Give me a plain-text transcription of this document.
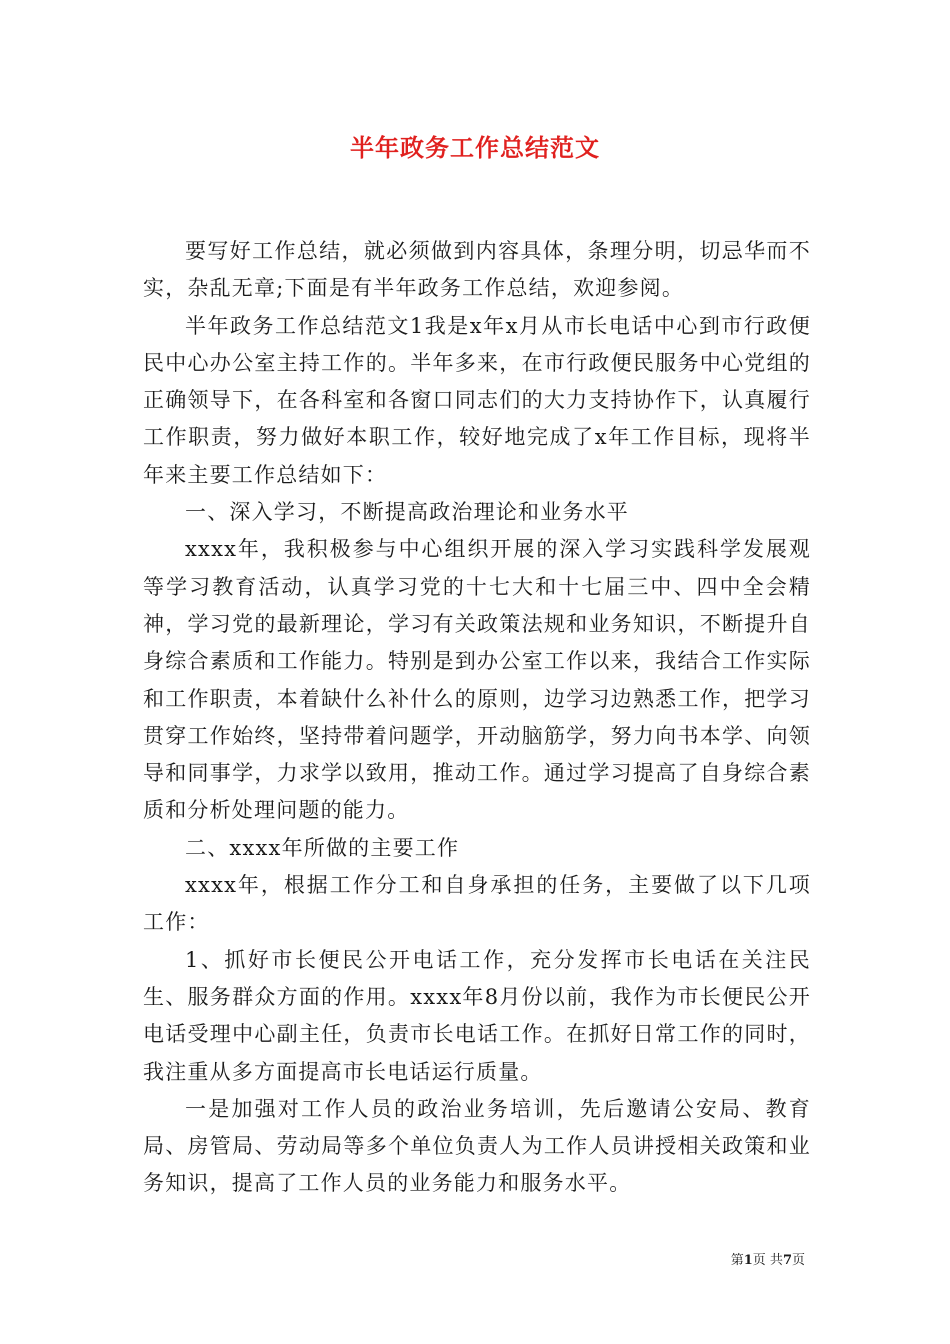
半年政务工作总结范文

要写好工作总结，就必须做到内容具体，条理分明，切忌华而不实，杂乱无章;下面是有半年政务工作总结，欢迎参阅。

半年政务工作总结范文1我是x年x月从市长电话中心到市行政便民中心办公室主持工作的。半年多来，在市行政便民服务中心党组的正确领导下，在各科室和各窗口同志们的大力支持协作下，认真履行工作职责，努力做好本职工作，较好地完成了x年工作目标，现将半年来主要工作总结如下：

一、深入学习，不断提高政治理论和业务水平

xxxx年，我积极参与中心组织开展的深入学习实践科学发展观等学习教育活动，认真学习党的十七大和十七届三中、四中全会精神，学习党的最新理论，学习有关政策法规和业务知识，不断提升自身综合素质和工作能力。特别是到办公室工作以来，我结合工作实际和工作职责，本着缺什么补什么的原则，边学习边熟悉工作，把学习贯穿工作始终，坚持带着问题学，开动脑筋学，努力向书本学、向领导和同事学，力求学以致用，推动工作。通过学习提高了自身综合素质和分析处理问题的能力。

二、xxxx年所做的主要工作

xxxx年，根据工作分工和自身承担的任务，主要做了以下几项工作：

1、抓好市长便民公开电话工作，充分发挥市长电话在关注民生、服务群众方面的作用。xxxx年8月份以前，我作为市长便民公开电话受理中心副主任，负责市长电话工作。在抓好日常工作的同时，我注重从多方面提高市长电话运行质量。

一是加强对工作人员的政治业务培训，先后邀请公安局、教育局、房管局、劳动局等多个单位负责人为工作人员讲授相关政策和业务知识，提高了工作人员的业务能力和服务水平。

第1页 共7页
